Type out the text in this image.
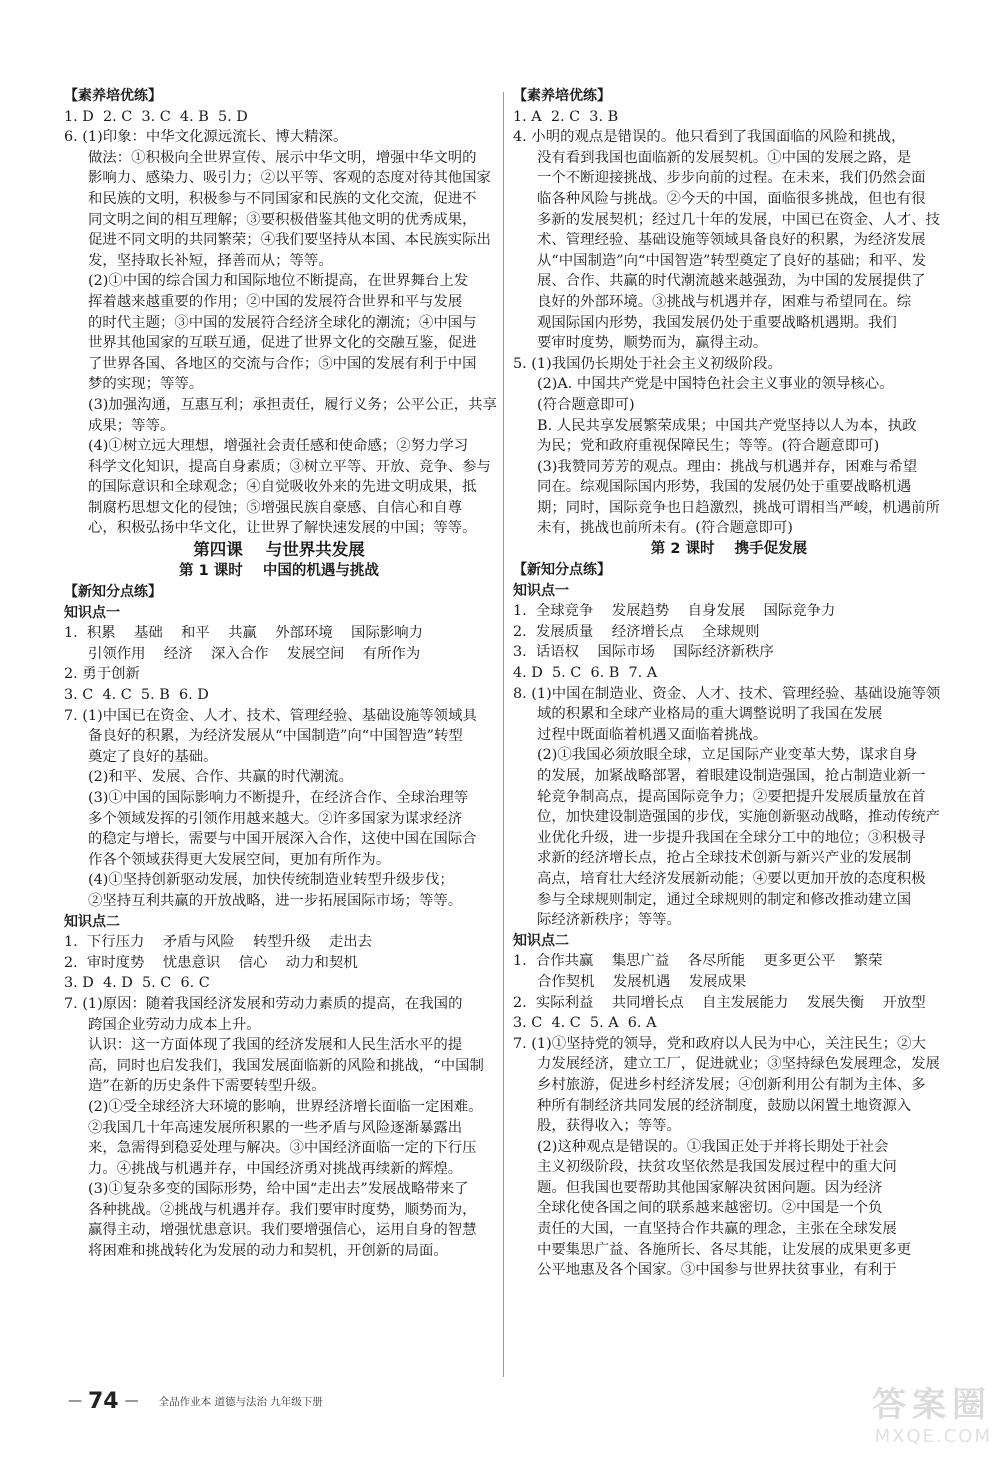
【素养培优练】
1. D  2. C  3. C  4. B  5. D
6. (1)印象：中华文化源远流长、博大精深。
做法：①积极向全世界宣传、展示中华文明，增强中华文明的
影响力、感染力、吸引力；②以平等、客观的态度对待其他国家
和民族的文明，积极参与不同国家和民族的文化交流，促进不
同文明之间的相互理解；③要积极借鉴其他文明的优秀成果，
促进不同文明的共同繁荣；④我们要坚持从本国、本民族实际出
发，坚持取长补短，择善而从；等等。
(2)①中国的综合国力和国际地位不断提高，在世界舞台上发
挥着越来越重要的作用；②中国的发展符合世界和平与发展
的时代主题；③中国的发展符合经济全球化的潮流；④中国与
世界其他国家的互联互通，促进了世界文化的交融互鉴，促进
了世界各国、各地区的交流与合作；⑤中国的发展有利于中国
梦的实现；等等。
(3)加强沟通，互惠互利；承担责任，履行义务；公平公正，共享
成果；等等。
(4)①树立远大理想，增强社会责任感和使命感；②努力学习
科学文化知识，提高自身素质；③树立平等、开放、竞争、参与
的国际意识和全球观念；④自觉吸收外来的先进文明成果，抵
制腐朽思想文化的侵蚀；⑤增强民族自豪感、自信心和自尊
心，积极弘扬中华文化，让世界了解快速发展的中国；等等。
第四课    与世界共发展
第 1 课时    中国的机遇与挑战
【新知分点练】
知识点一
1.  积累    基础    和平    共赢    外部环境    国际影响力
引领作用    经济    深入合作    发展空间    有所作为
2. 勇于创新
3. C  4. C  5. B  6. D
7. (1)中国已在资金、人才、技术、管理经验、基础设施等领域具
备良好的积累，为经济发展从“中国制造”向“中国智造”转型
奠定了良好的基础。
(2)和平、发展、合作、共赢的时代潮流。
(3)①中国的国际影响力不断提升，在经济合作、全球治理等
多个领域发挥的引领作用越来越大。②许多国家为谋求经济
的稳定与增长，需要与中国开展深入合作，这使中国在国际合
作各个领域获得更大发展空间，更加有所作为。
(4)①坚持创新驱动发展，加快传统制造业转型升级步伐；
②坚持互利共赢的开放战略，进一步拓展国际市场；等等。
知识点二
1.  下行压力    矛盾与风险    转型升级    走出去
2.  审时度势    忧患意识    信心    动力和契机
3. D  4. D  5. C  6. C
7. (1)原因：随着我国经济发展和劳动力素质的提高，在我国的
跨国企业劳动力成本上升。
认识：这一方面体现了我国的经济发展和人民生活水平的提
高，同时也启发我们，我国发展面临新的风险和挑战，“中国制
造”在新的历史条件下需要转型升级。
(2)①受全球经济大环境的影响，世界经济增长面临一定困难。
②我国几十年高速发展所积累的一些矛盾与风险逐渐暴露出
来，急需得到稳妥处理与解决。③中国经济面临一定的下行压
力。④挑战与机遇并存，中国经济勇对挑战再续新的辉煌。
(3)①复杂多变的国际形势，给中国“走出去”发展战略带来了
各种挑战。②挑战与机遇并存。我们要审时度势，顺势而为，
赢得主动，增强忧患意识。我们要增强信心，运用自身的智慧
将困难和挑战转化为发展的动力和契机，开创新的局面。
【素养培优练】
1. A  2. C  3. B
4. 小明的观点是错误的。他只看到了我国面临的风险和挑战，
没有看到我国也面临新的发展契机。①中国的发展之路，是
一个不断迎接挑战、步步向前的过程。在未来，我们仍然会面
临各种风险与挑战。②今天的中国，面临很多挑战，但也有很
多新的发展契机；经过几十年的发展，中国已在资金、人才、技
术、管理经验、基础设施等领域具备良好的积累，为经济发展
从“中国制造”向“中国智造”转型奠定了良好的基础；和平、发
展、合作、共赢的时代潮流越来越强劲，为中国的发展提供了
良好的外部环境。③挑战与机遇并存，困难与希望同在。综
观国际国内形势，我国发展仍处于重要战略机遇期。我们
要审时度势，顺势而为，赢得主动。
5. (1)我国仍长期处于社会主义初级阶段。
(2)A. 中国共产党是中国特色社会主义事业的领导核心。
(符合题意即可)
B. 人民共享发展繁荣成果；中国共产党坚持以人为本，执政
为民；党和政府重视保障民生；等等。(符合题意即可)
(3)我赞同芳芳的观点。理由：挑战与机遇并存，困难与希望
同在。综观国际国内形势，我国的发展仍处于重要战略机遇
期；同时，国际竞争也日趋激烈，挑战可谓相当严峻，机遇前所
未有，挑战也前所未有。(符合题意即可)
第 2 课时    携手促发展
【新知分点练】
知识点一
1.  全球竞争    发展趋势    自身发展    国际竞争力
2.  发展质量    经济增长点    全球规则
3.  话语权    国际市场    国际经济新秩序
4. D  5. C  6. B  7. A
8. (1)中国在制造业、资金、人才、技术、管理经验、基础设施等领
域的积累和全球产业格局的重大调整说明了我国在发展
过程中既面临着机遇又面临着挑战。
(2)①我国必须放眼全球，立足国际产业变革大势，谋求自身
的发展，加紧战略部署，着眼建设制造强国，抢占制造业新一
轮竞争制高点，提高国际竞争力；②要把提升发展质量放在首
位，加快建设制造强国的步伐，实施创新驱动战略，推动传统产
业优化升级，进一步提升我国在全球分工中的地位；③积极寻
求新的经济增长点，抢占全球技术创新与新兴产业的发展制
高点，培育壮大经济发展新动能；④要以更加开放的态度积极
参与全球规则制定，通过全球规则的制定和修改推动建立国
际经济新秩序；等等。
知识点二
1.  合作共赢    集思广益    各尽所能    更多更公平    繁荣
合作契机    发展机遇    发展成果
2.  实际利益    共同增长点    自主发展能力    发展失衡    开放型
3. C  4. C  5. A  6. A
7. (1)①坚持党的领导，党和政府以人民为中心，关注民生；②大
力发展经济，建立工厂，促进就业；③坚持绿色发展理念，发展
乡村旅游，促进乡村经济发展；④创新利用公有制为主体、多
种所有制经济共同发展的经济制度，鼓励以闲置土地资源入
股，获得收入；等等。
(2)这种观点是错误的。①我国正处于并将长期处于社会
主义初级阶段，扶贫攻坚依然是我国发展过程中的重大问
题。但我国也要帮助其他国家解决贫困问题。因为经济
全球化使各国之间的联系越来越密切。②中国是一个负
责任的大国，一直坚持合作共赢的理念，主张在全球发展
中要集思广益、各施所长、各尽其能，让发展的成果更多更
公平地惠及各个国家。③中国参与世界扶贫事业，有利于
— 74 — 全品作业本 道德与法治 九年级下册	答案圈
MXQE.COM
